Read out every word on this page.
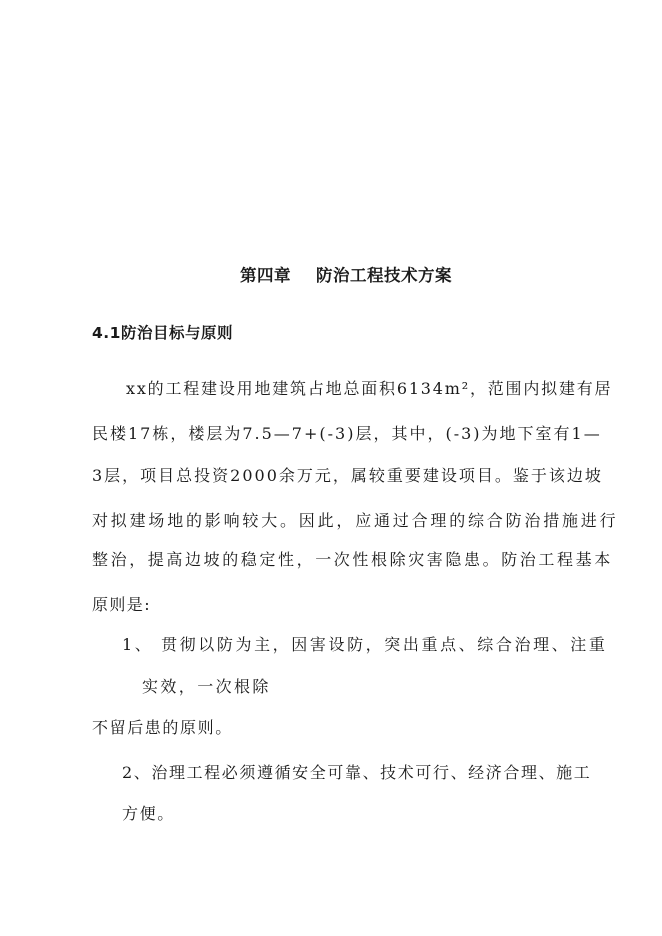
第四章    防治工程技术方案
4.1防治目标与原则
xx的工程建设用地建筑占地总面积6134m²，范围内拟建有居
民楼17栋，楼层为7.5—7+(-3)层，其中，(-3)为地下室有1—
3层，项目总投资2000余万元，属较重要建设项目。鉴于该边坡
对拟建场地的影响较大。因此，应通过合理的综合防治措施进行
整治，提高边坡的稳定性，一次性根除灾害隐患。防治工程基本
原则是:
1、 贯彻以防为主，因害设防，突出重点、综合治理、注重
实效，一次根除
不留后患的原则。
2、治理工程必须遵循安全可靠、技术可行、经济合理、施工
方便。
